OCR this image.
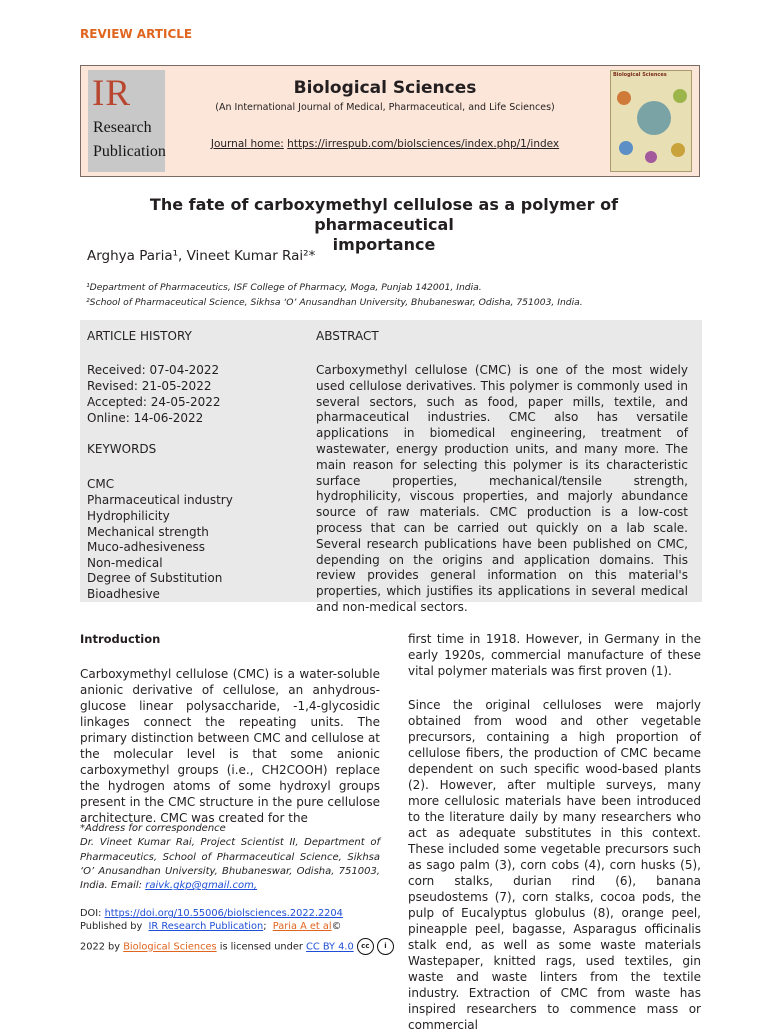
REVIEW ARTICLE
IR
Research
Publication
Biological Sciences
(An International Journal of Medical, Pharmaceutical, and Life Sciences)
Journal home: https://irrespub.com/biolsciences/index.php/1/index
Biological Sciences
The fate of carboxymethyl cellulose as a polymer of pharmaceutical
importance
Arghya Paria¹, Vineet Kumar Rai²*
¹Department of Pharmaceutics, ISF College of Pharmacy, Moga, Punjab 142001, India.
²School of Pharmaceutical Science, Sikhsa ‘O’ Anusandhan University, Bhubaneswar, Odisha, 751003, India.
ARTICLE HISTORY	ABSTRACT
Received: 07-04-2022
Revised: 21-05-2022
Accepted: 24-05-2022
Online: 14-06-2022
KEYWORDS
CMC
Pharmaceutical industry
Hydrophilicity
Mechanical strength
Muco-adhesiveness
Non-medical
Degree of Substitution
Bioadhesive
Carboxymethyl cellulose (CMC) is one of the most widely used cellulose derivatives. This polymer is commonly used in several sectors, such as food, paper mills, textile, and pharmaceutical industries. CMC also has versatile applications in biomedical engineering, treatment of wastewater, energy production units, and many more. The main reason for selecting this polymer is its characteristic surface properties, mechanical/tensile strength, hydrophilicity, viscous properties, and majorly abundance source of raw materials. CMC production is a low-cost process that can be carried out quickly on a lab scale. Several research publications have been published on CMC, depending on the origins and application domains. This review provides general information on this material's properties, which justifies its applications in several medical and non-medical sectors.
Introduction
Carboxymethyl cellulose (CMC) is a water-soluble anionic derivative of cellulose, an anhydrous-glucose linear polysaccharide, -1,4-glycosidic linkages connect the repeating units. The primary distinction between CMC and cellulose at the molecular level is that some anionic carboxymethyl groups (i.e., CH2COOH) replace the hydrogen atoms of some hydroxyl groups present in the CMC structure in the pure cellulose architecture. CMC was created for the
first time in 1918. However, in Germany in the early 1920s, commercial manufacture of these vital polymer materials was first proven (1).
Since the original celluloses were majorly obtained from wood and other vegetable precursors, containing a high proportion of cellulose fibers, the production of CMC became dependent on such specific wood-based plants (2). However, after multiple surveys, many more cellulosic materials have been introduced to the literature daily by many researchers who act as adequate substitutes in this context. These included some vegetable precursors such as sago palm (3), corn cobs (4), corn husks (5), corn stalks, durian rind (6), banana pseudostems (7), corn stalks, cocoa pods, the pulp of Eucalyptus globulus (8), orange peel, pineapple peel, bagasse, Asparagus officinalis stalk end, as well as some waste materials Wastepaper, knitted rags, used textiles, gin waste and waste linters from the textile industry. Extraction of CMC from waste has inspired researchers to commence mass or commercial
*Address for correspondence
Dr. Vineet Kumar Rai, Project Scientist II, Department of Pharmaceutics, School of Pharmaceutical Science, Sikhsa ‘O’ Anusandhan University, Bhubaneswar, Odisha, 751003, India. Email: raivk.gkp@gmail.com,
DOI: https://doi.org/10.55006/biolsciences.2022.2204
Published by IR Research Publication; Paria A et al©
2022 by Biological Sciences is licensed under CC BY 4.0 cc i
